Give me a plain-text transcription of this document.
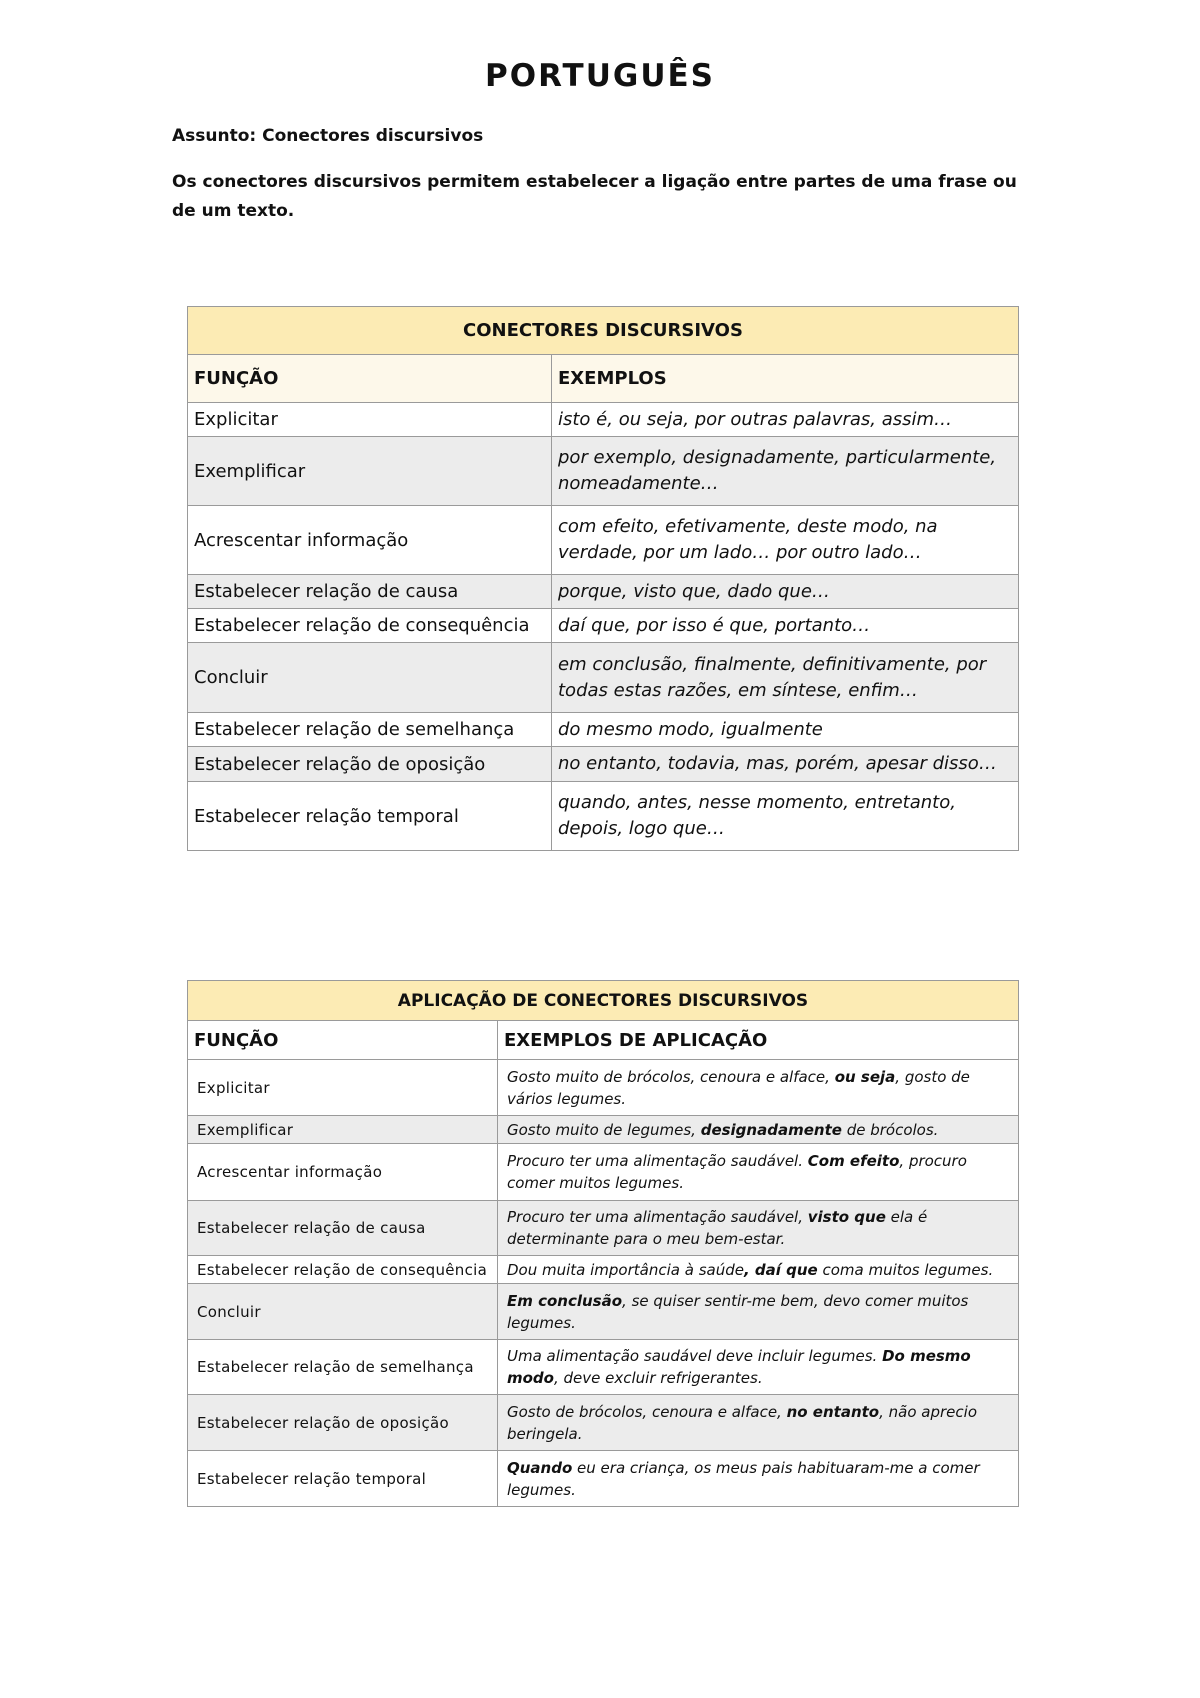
PORTUGUÊS
Assunto: Conectores discursivos
Os conectores discursivos permitem estabelecer a ligação entre partes de uma frase ou de um texto.
CONECTORES DISCURSIVOS	
FUNÇÃO	EXEMPLOS
Explicitar	isto é, ou seja, por outras palavras, assim…
Exemplificar	por exemplo, designadamente, particularmente, nomeadamente…
Acrescentar informação	com efeito, efetivamente, deste modo, na verdade, por um lado… por outro lado…
Estabelecer relação de causa	porque, visto que, dado que…
Estabelecer relação de consequência	daí que, por isso é que, portanto…
Concluir	em conclusão, finalmente, definitivamente, por todas estas razões, em síntese, enfim…
Estabelecer relação de semelhança	do mesmo modo, igualmente
Estabelecer relação de oposição	no entanto, todavia, mas, porém, apesar disso…
Estabelecer relação temporal	quando, antes, nesse momento, entretanto, depois, logo que…
APLICAÇÃO DE CONECTORES DISCURSIVOS	
FUNÇÃO	EXEMPLOS DE APLICAÇÃO
Explicitar	Gosto muito de brócolos, cenoura e alface, ou seja, gosto de vários legumes.
Exemplificar	Gosto muito de legumes, designadamente de brócolos.
Acrescentar informação	Procuro ter uma alimentação saudável. Com efeito, procuro comer muitos legumes.
Estabelecer relação de causa	Procuro ter uma alimentação saudável, visto que ela é determinante para o meu bem-estar.
Estabelecer relação de consequência	Dou muita importância à saúde, daí que coma muitos legumes.
Concluir	Em conclusão, se quiser sentir-me bem, devo comer muitos legumes.
Estabelecer relação de semelhança	Uma alimentação saudável deve incluir legumes. Do mesmo modo, deve excluir refrigerantes.
Estabelecer relação de oposição	Gosto de brócolos, cenoura e alface, no entanto, não aprecio beringela.
Estabelecer relação temporal	Quando eu era criança, os meus pais habituaram-me a comer legumes.
